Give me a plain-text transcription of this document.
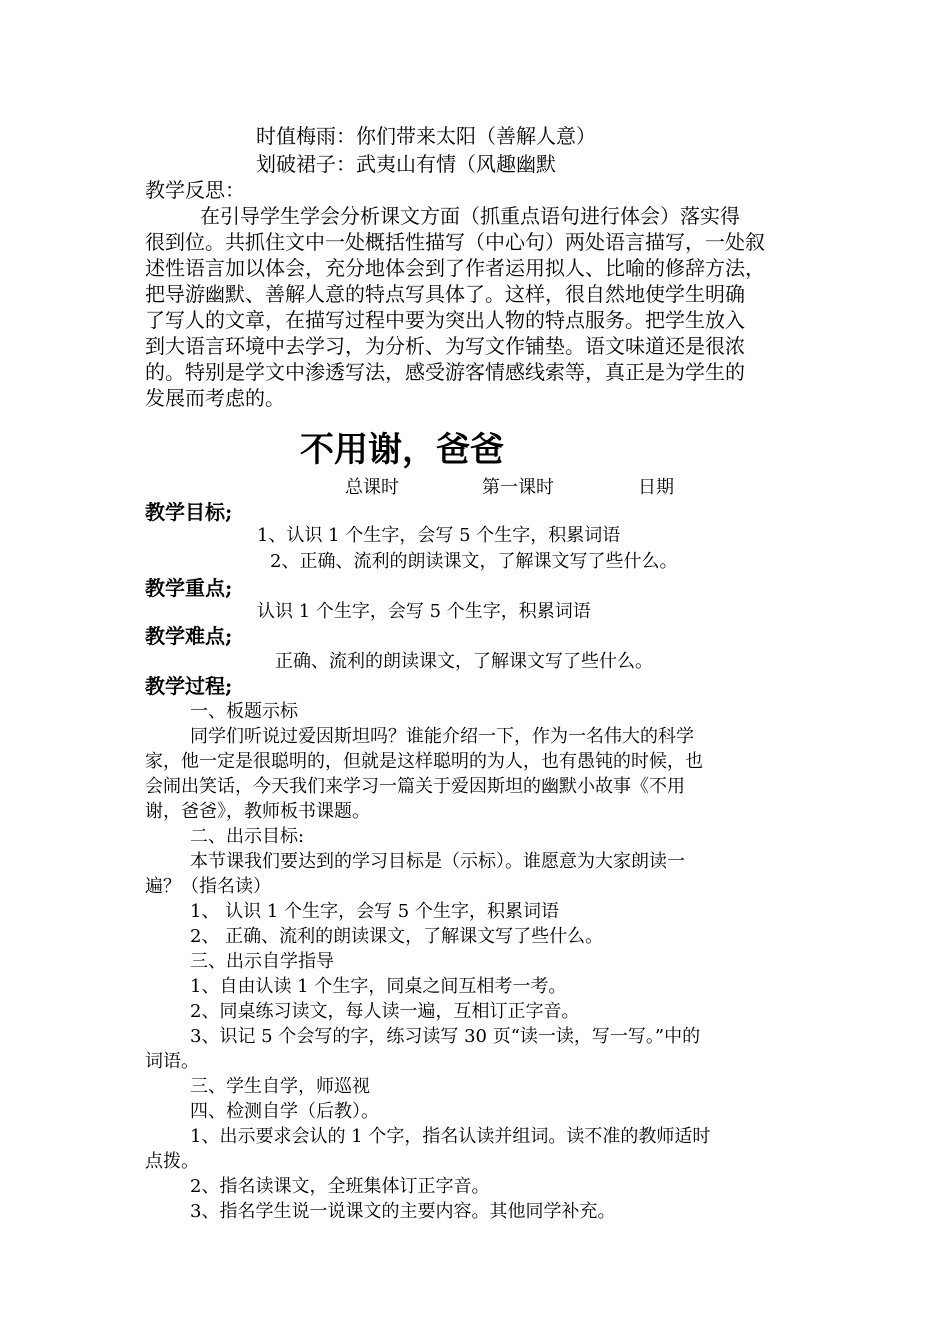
时值梅雨：你们带来太阳（善解人意）
划破裙子：武夷山有情（风趣幽默
教学反思：
在引导学生学会分析课文方面（抓重点语句进行体会）落实得
很到位。共抓住文中一处概括性描写（中心句）两处语言描写，一处叙
述性语言加以体会，充分地体会到了作者运用拟人、比喻的修辞方法，
把导游幽默、善解人意的特点写具体了。这样，很自然地使学生明确
了写人的文章，在描写过程中要为突出人物的特点服务。把学生放入
到大语言环境中去学习，为分析、为写文作铺垫。语文味道还是很浓
的。特别是学文中渗透写法，感受游客情感线索等，真正是为学生的
发展而考虑的。
不用谢，爸爸
总课时	第一课时	日期
教学目标;
1、认识 1 个生字，会写 5 个生字，积累词语
2、正确、流利的朗读课文，了解课文写了些什么。
教学重点;
认识 1 个生字，会写 5 个生字，积累词语
教学难点;
正确、流利的朗读课文，了解课文写了些什么。
教学过程;
一、板题示标
同学们听说过爱因斯坦吗？谁能介绍一下，作为一名伟大的科学
家，他一定是很聪明的，但就是这样聪明的为人，也有愚钝的时候，也
会闹出笑话，今天我们来学习一篇关于爱因斯坦的幽默小故事《不用
谢，爸爸》，教师板书课题。
二、出示目标:
本节课我们要达到的学习目标是（示标）。谁愿意为大家朗读一
遍？（指名读）
1、 认识 1 个生字，会写 5 个生字，积累词语
2、 正确、流利的朗读课文，了解课文写了些什么。
三、出示自学指导
1、自由认读 1 个生字，同桌之间互相考一考。
2、同桌练习读文，每人读一遍，互相订正字音。
3、识记 5 个会写的字，练习读写 30 页“读一读，写一写。”中的
词语。
三、学生自学，师巡视
四、检测自学（后教）。
1、出示要求会认的 1 个字，指名认读并组词。读不准的教师适时
点拨。
2、指名读课文，全班集体订正字音。
3、指名学生说一说课文的主要内容。其他同学补充。
